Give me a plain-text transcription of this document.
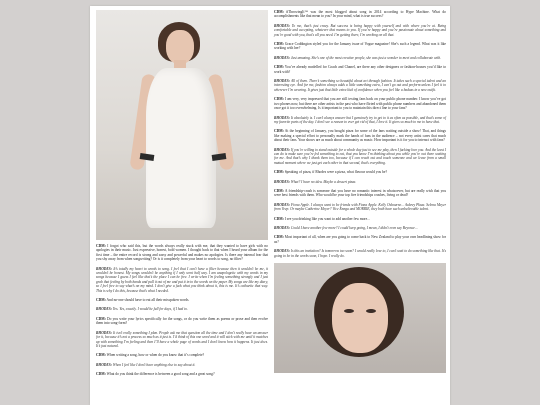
CDM: I forgot who said this, but the words always really stuck with me, that they wanted to have girls with no apologies in their music. Just expressive, honest, bold women. I thought back to that when I heard your album for the first time – the entire record is strong and sassy and powerful and makes no apologies. Is there any internal fear that you shy away from when songwriting? Or is it completely from your heart to words to song, no filter?

RHODES: It’s totally my heart to words to song. I feel that I can’t have a filter because then it wouldn’t be me, it wouldn’t be honest. My songs wouldn’t be anything if I only went half way. I am unapologetic with my words in my songs because I guess I feel like that’s the place I can be free. I write when I’m feeling something strongly and I just grab that feeling by both hands and pull it out of me and put it in to the words on the paper. My songs are like my diary, so I feel free to say what’s on my mind. I don’t give a fuck what you think about it, this is me. It’s cathartic that way. This is why I do this, because that’s what I needed.

CDM: And no-one should have to eat all their misspoken words.

RHODES: Yes. Yes, exactly. I would be full for days, if I had to.

CDM: Do you write your lyrics specifically for the songs, or do you write them as poems or prose and then evolve them into song-form?

RHODES: It isn’t really something I plan. People ask me that question all the time and I don’t really have an answer for it, because it’s not a process so much as it just is. I’d think of this one word and it will stick with me until it matches up with something I’m feeling and then I’ll have a whole page of words and I don’t know how it happens. It just does. It’s just natural.

CDM: When writing a song, how or when do you know that it’s complete?

RHODES: When I feel like I don’t have anything else to say about it.

CDM: What do you think the difference is between a good song and a great song?

CDM: #ThrowingIt™ was the most blogged about song in 2014 according to Hype Machine. What do accomplishments like that mean to you? In your mind, what is true success?

RHODES: To me, that’s just crazy. But success is being happy with yourself and with where you’re at. Being comfortable and accepting, whatever that means to you. If you’re happy and you’re passionate about something and you’re good with you, that’s all you need. I’m getting there, I’m working on all that.

CDM: Grace Coddington styled you for the January issue of Vogue magazine! She’s such a legend. What was it like working with her?

RHODES: Just amazing. She’s one of the most creative people, she was just a wonder to meet and collaborate with.

CDM: You’ve already modelled for Coach and Chanel, are there any other designers or fashion-houses you’d like to work with?

RHODES: All of them. There’s something so beautiful about art through fashion. It takes such a special talent and an interesting eye. And for me, fashion always adds a little something extra, I can’t go out and perform unless I feel it to wherever I’m wearing. It gives just that little extra kick of confidence when you feel like a badass in a new outfit.

CDM: I am very, very impressed that you are still texting fans back on your public phone number. I know you’ve got two phones now, but there are other artists in the past who have flirted with public phone numbers and abandoned them once got it too overwhelming. Is it important to you to maintain this direct line to your fans?

RHODES: It absolutely is. I can’t always answer but I genuinely try to get to it as often as possible, and that’s some of my favorite parts of the day. I don’t see a reason to ever get rid of that, I love it. It gives so much to me to have that.

CDM: At the beginning of January, you bought pizza for some of the fans waiting outside a show! That, and things like making a special effort to personally mark the hands of fans in the audience – not every artist cares that much about their fans. Your shows are as much about community as music. How important is it for you to interact with fans?

RHODES: If you’re willing to stand outside for a whole day just to see me play, then I fucking love you. And the least I can do is make sure you’re fed something to eat, that you know I’m thinking about you while you’re out there waiting for me. And that’s why I thank them too, because if I can reach out and touch someone and we leave from a small mutual moment where we just get each other in that second, that’s everything.

CDM: Speaking of pizza, if Rhodes were a pizza, what flavour would you be?

RHODES: What? I have no idea. Maybe a dessert pizza.

CDM: A friendship-crush is someone that you have no romantic interest in whatsoever, but are really wish that you were best friends with them. Who would be your top five friendships crushes, living or dead?

RHODES: Fiona Apple. I always want to be friends with Fiona Apple. Kelly Osbourne... Aubrey Plaza. Selena Meyer from Veep. Or maybe Catherine Meyer? Vice Ennga and MORRIE, they both have such unbelievable talent.

CDM: I see you drinking like you want to add another few more...

RHODES: Could I have another few more? I could keep going, I mean, I didn’t even say Beyonce...

CDM: Most important of all, when are you going to come back to New Zealand to play your own headlining show for us?

RHODES: Is this an invitation? Is tomorrow too soon? I would really love to, I can’t wait to do something like that. It’s going to be in the works soon, I hope. I really do.
